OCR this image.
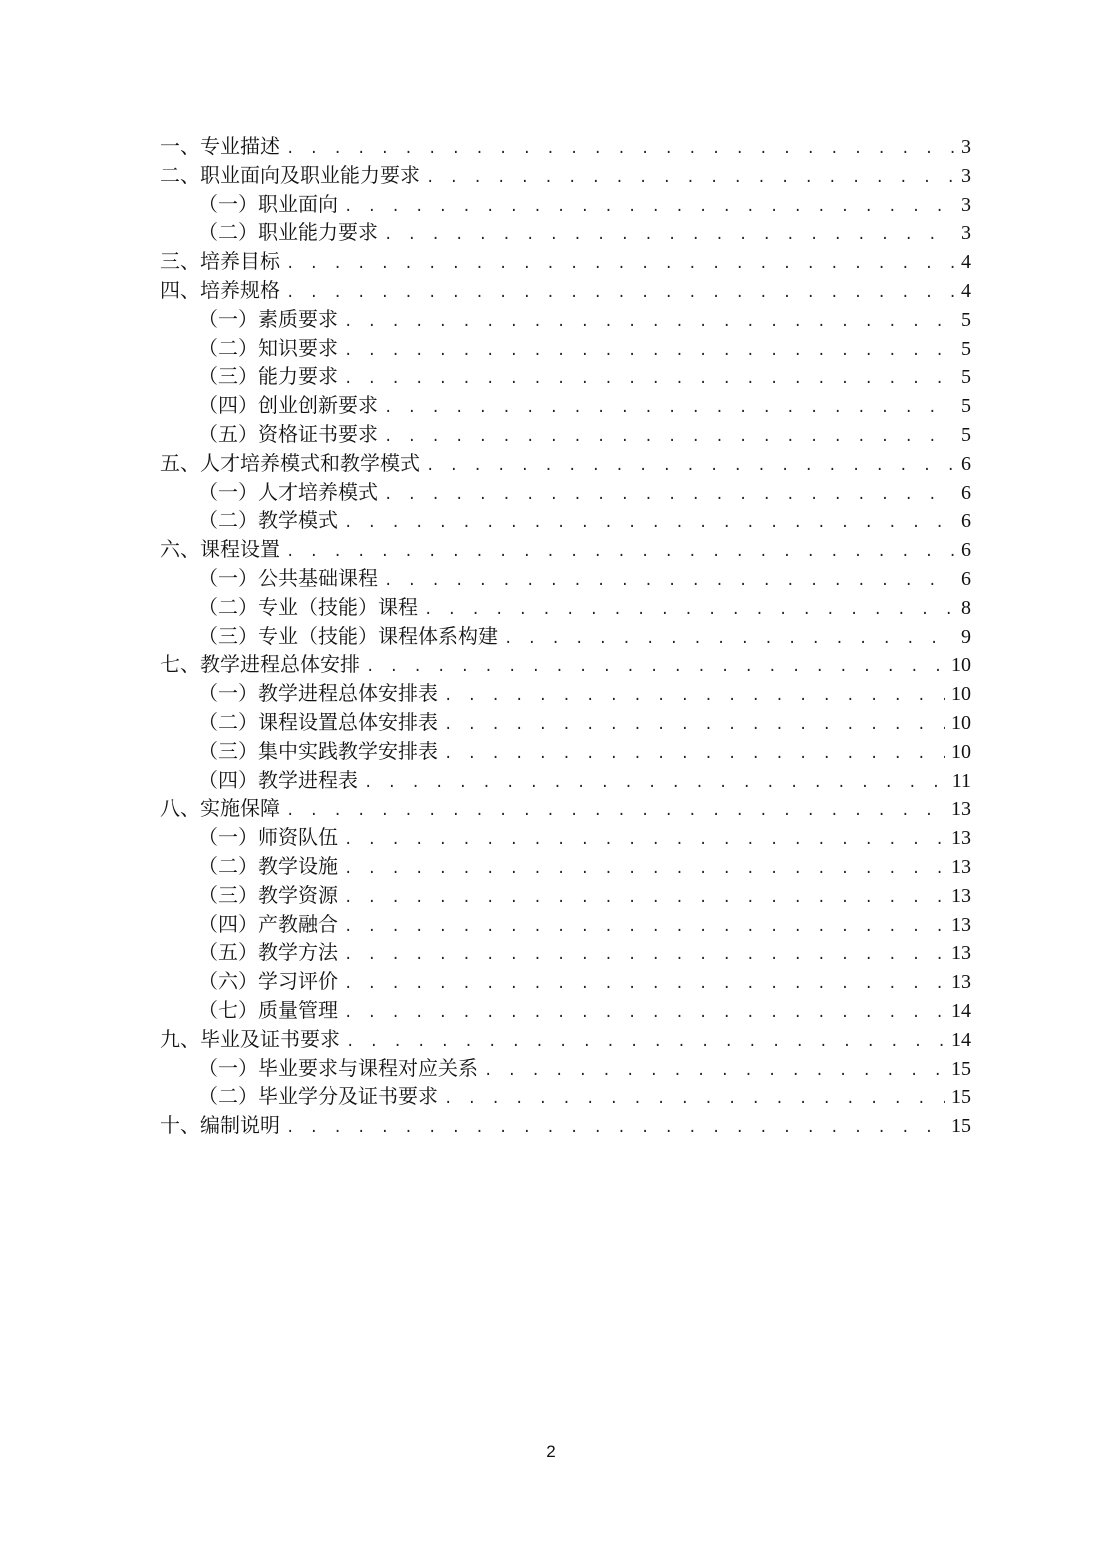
一、专业描述 . . .	3
二、职业面向及职业能力要求 . . .	3
（一）职业面向 . . .	3
（二）职业能力要求 . . .	3
三、培养目标 . . .	4
四、培养规格 . . .	4
（一）素质要求 . . .	5
（二）知识要求 . . .	5
（三）能力要求 . . .	5
（四）创业创新要求 . . .	5
（五）资格证书要求 . . .	5
五、人才培养模式和教学模式 . . .	6
（一）人才培养模式 . . .	6
（二）教学模式 . . .	6
六、课程设置 . . .	6
（一）公共基础课程 . . .	6
（二）专业（技能）课程 . . .	8
（三）专业（技能）课程体系构建 . . .	9
七、教学进程总体安排 . . .	10
（一）教学进程总体安排表 . . .	10
（二）课程设置总体安排表 . . .	10
（三）集中实践教学安排表 . . .	10
（四）教学进程表 . . .	11
八、实施保障 . . .	13
（一）师资队伍 . . .	13
（二）教学设施 . . .	13
（三）教学资源 . . .	13
（四）产教融合 . . .	13
（五）教学方法 . . .	13
（六）学习评价 . . .	13
（七）质量管理 . . .	14
九、毕业及证书要求 . . .	14
（一）毕业要求与课程对应关系 . . .	15
（二）毕业学分及证书要求 . . .	15
十、编制说明 . . .	15
2
